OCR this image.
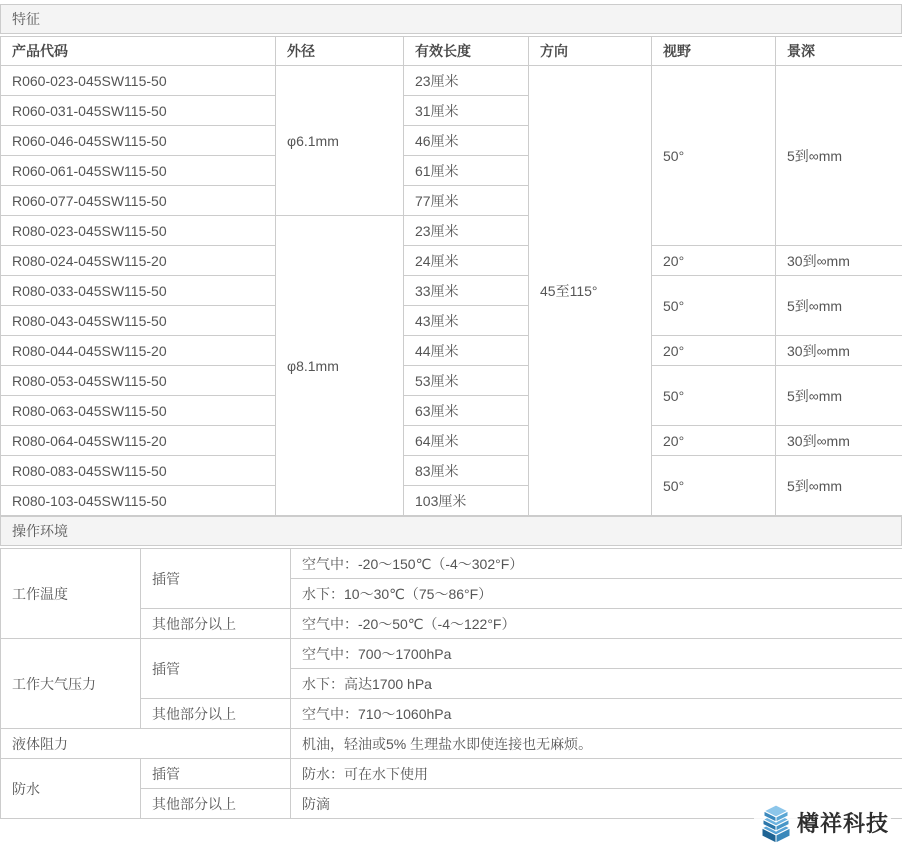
特征
产品代码	外径	有效长度	方向	视野	景深
R060-023-045SW115-50	φ6.1mm	23厘米	45至115°	50°	5到∞mm
R060-031-045SW115-50		31厘米			
R060-046-045SW115-50		46厘米			
R060-061-045SW115-50		61厘米			
R060-077-045SW115-50		77厘米			
R080-023-045SW115-50	φ8.1mm	23厘米			
R080-024-045SW115-20		24厘米		20°	30到∞mm
R080-033-045SW115-50		33厘米		50°	5到∞mm
R080-043-045SW115-50		43厘米			
R080-044-045SW115-20		44厘米		20°	30到∞mm
R080-053-045SW115-50		53厘米		50°	5到∞mm
R080-063-045SW115-50		63厘米			
R080-064-045SW115-20		64厘米		20°	30到∞mm
R080-083-045SW115-50		83厘米		50°	5到∞mm
R080-103-045SW115-50		103厘米			
操作环境
工作温度	插管	空气中：-20〜150℃（-4〜302°F）
		水下：10〜30℃（75〜86°F）
	其他部分以上	空气中：-20〜50℃（-4〜122°F）
工作大气压力	插管	空气中：700〜1700hPa
		水下：高达1700 hPa
	其他部分以上	空气中：710〜1060hPa
液体阻力		机油，轻油或5% 生理盐水即使连接也无麻烦。
防水	插管	防水：可在水下使用
	其他部分以上	防滴
樽祥科技
